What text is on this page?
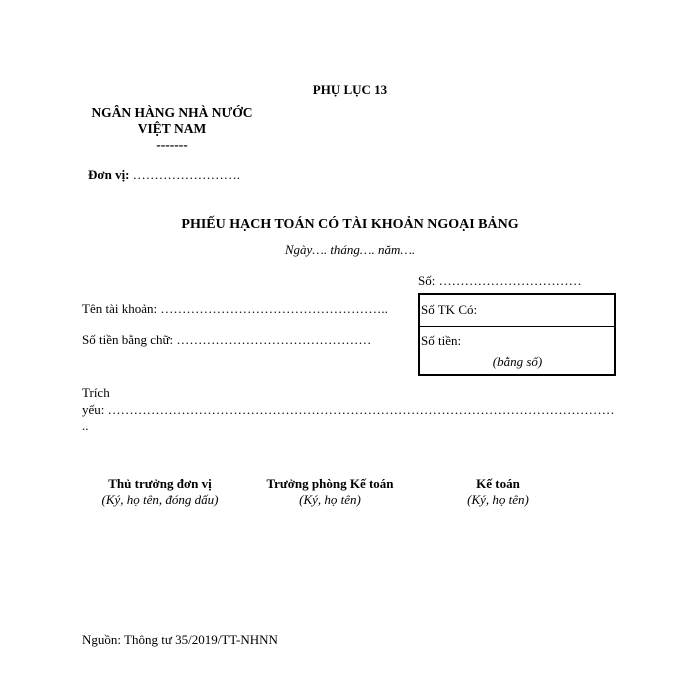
PHỤ LỤC 13
NGÂN HÀNG NHÀ NƯỚC
VIỆT NAM
-------
Đơn vị: …………………….
PHIẾU HẠCH TOÁN CÓ TÀI KHOẢN NGOẠI BẢNG
Ngày…. tháng…. năm….
Số: ……………………………
Tên tài khoản: ……………………………………………..
Số tiền bằng chữ: ………………………………………
Số TK Có:
Số tiền:
(bằng số)
Trích
yếu: ………………………………………………………………………………………………………
..
Thủ trưởng đơn vị
(Ký, họ tên, đóng dấu)
Trưởng phòng Kế toán
(Ký, họ tên)
Kế toán
(Ký, họ tên)
Nguồn: Thông tư 35/2019/TT-NHNN
